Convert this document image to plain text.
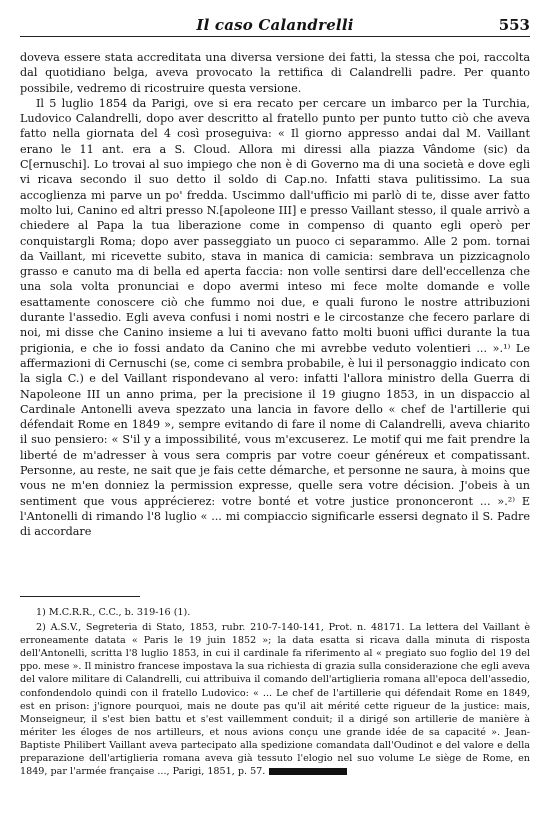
Il caso Calandrelli	553

doveva essere stata accreditata una diversa versione dei fatti, la stessa che poi, raccolta dal quotidiano belga, aveva provocato la rettifica di Calandrelli padre. Per quanto possibile, vedremo di ricostruire questa versione.

Il 5 luglio 1854 da Parigi, ove si era recato per cercare un imbarco per la Turchia, Ludovico Calandrelli, dopo aver descritto al fratello punto per punto tutto ciò che aveva fatto nella giornata del 4 così proseguiva: « Il giorno appresso andai dal M. Vaillant erano le 11 ant. era a S. Cloud. Allora mi diressi alla piazza Vândome (sic) da C[ernuschi]. Lo trovai al suo impiego che non è di Governo ma di una società e dove egli vi ricava secondo il suo detto il soldo di Cap.no. Infatti stava pulitissimo. La sua accoglienza mi parve un po' fredda. Uscimmo dall'ufficio mi parlò di te, disse aver fatto molto lui, Canino ed altri presso N.[apoleone III] e presso Vaillant stesso, il quale arrivò a chiedere al Papa la tua liberazione come in compenso di quanto egli operò per conquistargli Roma; dopo aver passeggiato un puoco ci separammo. Alle 2 pom. tornai da Vaillant, mi ricevette subito, stava in manica di camicia: sembrava un pizzicagnolo grasso e canuto ma di bella ed aperta faccia: non volle sentirsi dare dell'eccellenza che una sola volta pronunciai e dopo avermi inteso mi fece molte domande e volle esattamente conoscere ciò che fummo noi due, e quali furono le nostre attribuzioni durante l'assedio. Egli aveva confusi i nomi nostri e le circostanze che fecero parlare di noi, mi disse che Canino insieme a lui ti avevano fatto molti buoni uffici durante la tua prigionia, e che io fossi andato da Canino che mi avrebbe veduto volentieri ... ».¹⁾ Le affermazioni di Cernuschi (se, come ci sembra probabile, è lui il personaggio indicato con la sigla C.) e del Vaillant rispondevano al vero: infatti l'allora ministro della Guerra di Napoleone III un anno prima, per la precisione il 19 giugno 1853, in un dispaccio al Cardinale Antonelli aveva spezzato una lancia in favore dello « chef de l'artillerie qui défendait Rome en 1849 », sempre evitando di fare il nome di Calandrelli, aveva chiarito il suo pensiero: « S'il y a impossibilité, vous m'excuserez. Le motif qui me fait prendre la liberté de m'adresser à vous sera compris par votre coeur généreux et compatissant. Personne, au reste, ne sait que je fais cette démarche, et personne ne saura, à moins que vous ne m'en donniez la permission expresse, quelle sera votre décision. J'obeis à un sentiment que vous apprécierez: votre bonté et votre justice prononceront ... ».²⁾ E l'Antonelli di rimando l'8 luglio « ... mi compiaccio significarle essersi degnato il S. Padre di accordare

1) M.C.R.R., C.C., b. 319-16 (1).

2) A.S.V., Segreteria di Stato, 1853, rubr. 210-7-140-141, Prot. n. 48171. La lettera del Vaillant è erroneamente datata « Paris le 19 juin 1852 »; la data esatta si ricava dalla minuta di risposta dell'Antonelli, scritta l'8 luglio 1853, in cui il cardinale fa riferimento al « pregiato suo foglio del 19 del ppo. mese ». Il ministro francese impostava la sua richiesta di grazia sulla considerazione che egli aveva del valore militare di Calandrelli, cui attribuiva il comando dell'artiglieria romana all'epoca dell'assedio, confondendolo quindi con il fratello Ludovico: « ... Le chef de l'artillerie qui défendait Rome en 1849, est en prison: j'ignore pourquoi, mais ne doute pas qu'il ait mérité cette rigueur de la justice: mais, Monseigneur, il s'est bien battu et s'est vaillemment conduit; il a dirigé son artillerie de manière à mériter les éloges de nos artilleurs, et nous avions conçu une grande idée de sa capacité ». Jean-Baptiste Philibert Vaillant aveva partecipato alla spedizione comandata dall'Oudinot e del valore e della preparazione dell'artiglieria romana aveva già tessuto l'elogio nel suo volume Le siège de Rome, en 1849, par l'armée française ..., Parigi, 1851, p. 57.
